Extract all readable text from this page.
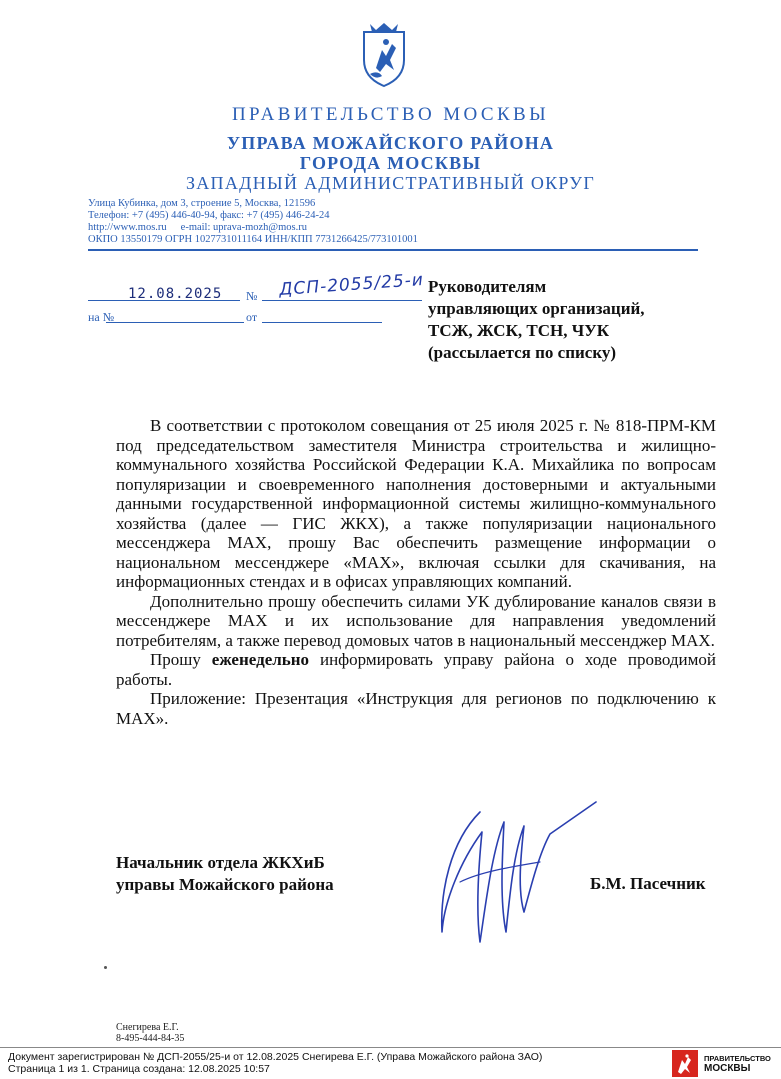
ПРАВИТЕЛЬСТВО МОСКВЫ
УПРАВА МОЖАЙСКОГО РАЙОНА
ГОРОДА МОСКВЫ
ЗАПАДНЫЙ АДМИНИСТРАТИВНЫЙ ОКРУГ
Улица Кубинка, дом 3, строение 5, Москва, 121596
Телефон: +7 (495) 446-40-94, факс: +7 (495) 446-24-24
http://www.mos.ru e-mail: uprava-mozh@mos.ru
ОКПО 13550179 ОГРН 1027731011164 ИНН/КПП 7731266425/773101001
12.08.2025 № ДСП-2055/25-и
на №	от
Руководителям
управляющих организаций,
ТСЖ, ЖСК, ТСН, ЧУК
(рассылается по списку)

В соответствии с протоколом совещания от 25 июля 2025 г. № 818-ПРМ-КМ под председательством заместителя Министра строительства и жилищно-коммунального хозяйства Российской Федерации К.А. Михайлика по вопросам популяризации и своевременного наполнения достоверными и актуальными данными государственной информационной системы жилищно-коммунального хозяйства (далее — ГИС ЖКХ), а также популяризации национального мессенджера MAX, прошу Вас обеспечить размещение информации о национальном мессенджере «MAX», включая ссылки для скачивания, на информационных стендах и в офисах управляющих компаний.

Дополнительно прошу обеспечить силами УК дублирование каналов связи в мессенджере MAX и их использование для направления уведомлений потребителям, а также перевод домовых чатов в национальный мессенджер MAX.

Прошу еженедельно информировать управу района о ходе проводимой работы.

Приложение: Презентация «Инструкция для регионов по подключению к MAX».

Начальник отдела ЖКХиБ
управы Можайского района	Б.М. Пасечник
Снегирева Е.Г.
8-495-444-84-35
Документ зарегистрирован № ДСП-2055/25-и от 12.08.2025 Снегирева Е.Г. (Управа Можайского района ЗАО)
Страница 1 из 1. Страница создана: 12.08.2025 10:57
ПРАВИТЕЛЬСТВО
МОСКВЫ
